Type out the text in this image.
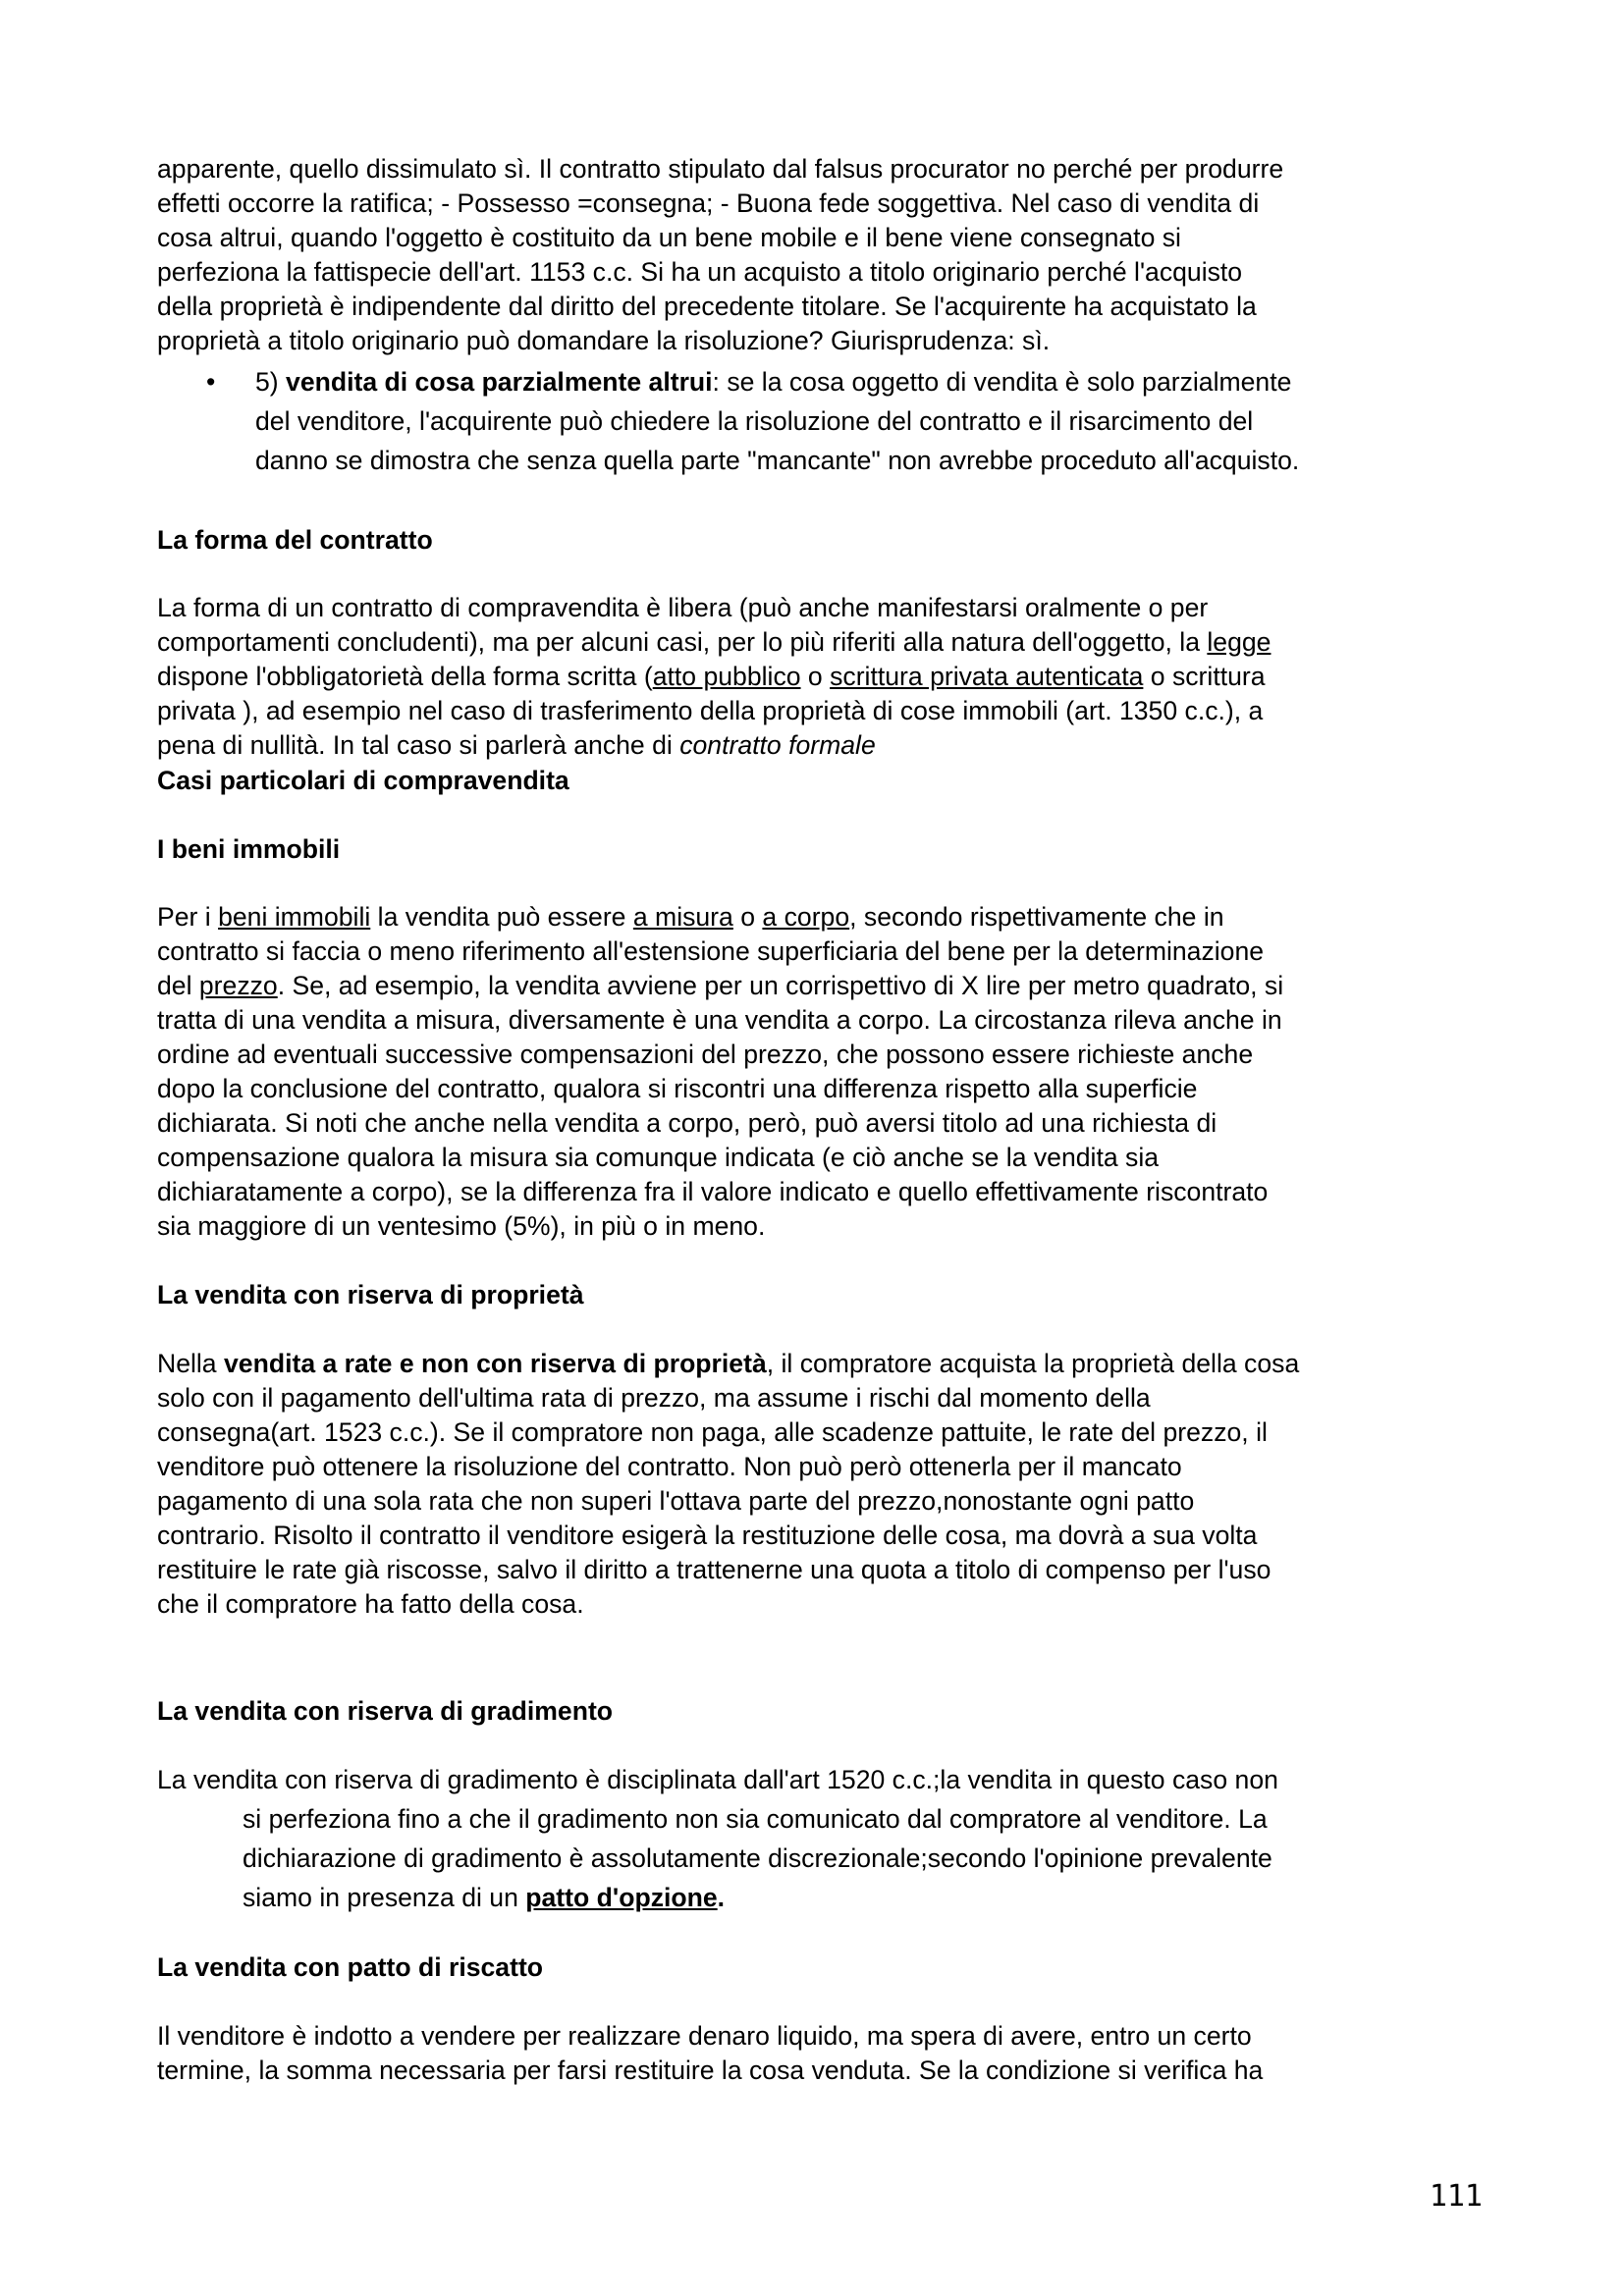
apparente, quello dissimulato sì. Il contratto stipulato dal falsus procurator no perché per produrre
effetti occorre la ratifica; - Possesso =consegna; - Buona fede soggettiva. Nel caso di vendita di
cosa altrui, quando l'oggetto è costituito da un bene mobile e il bene viene consegnato si
perfeziona la fattispecie dell'art. 1153 c.c. Si ha un acquisto a titolo originario perché l'acquisto
della proprietà è indipendente dal diritto del precedente titolare. Se l'acquirente ha acquistato la
proprietà a titolo originario può domandare la risoluzione? Giurisprudenza: sì.
• 5) vendita di cosa parzialmente altrui: se la cosa oggetto di vendita è solo parzialmente
del venditore, l'acquirente può chiedere la risoluzione del contratto e il risarcimento del
danno se dimostra che senza quella parte "mancante" non avrebbe proceduto all'acquisto.
La forma del contratto
La forma di un contratto di compravendita è libera (può anche manifestarsi oralmente o per
comportamenti concludenti), ma per alcuni casi, per lo più riferiti alla natura dell'oggetto, la legge
dispone l'obbligatorietà della forma scritta (atto pubblico o scrittura privata autenticata o scrittura
privata ), ad esempio nel caso di trasferimento della proprietà di cose immobili (art. 1350 c.c.), a
pena di nullità. In tal caso si parlerà anche di contratto formale
Casi particolari di compravendita
I beni immobili
Per i beni immobili la vendita può essere a misura o a corpo, secondo rispettivamente che in
contratto si faccia o meno riferimento all'estensione superficiaria del bene per la determinazione
del prezzo. Se, ad esempio, la vendita avviene per un corrispettivo di X lire per metro quadrato, si
tratta di una vendita a misura, diversamente è una vendita a corpo. La circostanza rileva anche in
ordine ad eventuali successive compensazioni del prezzo, che possono essere richieste anche
dopo la conclusione del contratto, qualora si riscontri una differenza rispetto alla superficie
dichiarata. Si noti che anche nella vendita a corpo, però, può aversi titolo ad una richiesta di
compensazione qualora la misura sia comunque indicata (e ciò anche se la vendita sia
dichiaratamente a corpo), se la differenza fra il valore indicato e quello effettivamente riscontrato
sia maggiore di un ventesimo (5%), in più o in meno.
La vendita con riserva di proprietà
Nella vendita a rate e non con riserva di proprietà, il compratore acquista la proprietà della cosa
solo con il pagamento dell'ultima rata di prezzo, ma assume i rischi dal momento della
consegna(art. 1523 c.c.). Se il compratore non paga, alle scadenze pattuite, le rate del prezzo, il
venditore può ottenere la risoluzione del contratto. Non può però ottenerla per il mancato
pagamento di una sola rata che non superi l'ottava parte del prezzo,nonostante ogni patto
contrario. Risolto il contratto il venditore esigerà la restituzione delle cosa, ma dovrà a sua volta
restituire le rate già riscosse, salvo il diritto a trattenerne una quota a titolo di compenso per l'uso
che il compratore ha fatto della cosa.
La vendita con riserva di gradimento
La vendita con riserva di gradimento è disciplinata dall'art 1520 c.c.;la vendita in questo caso non
si perfeziona fino a che il gradimento non sia comunicato dal compratore al venditore. La
dichiarazione di gradimento è assolutamente discrezionale;secondo l'opinione prevalente
siamo in presenza di un patto d'opzione.
La vendita con patto di riscatto
Il venditore è indotto a vendere per realizzare denaro liquido, ma spera di avere, entro un certo
termine, la somma necessaria per farsi restituire la cosa venduta. Se la condizione si verifica ha
111
